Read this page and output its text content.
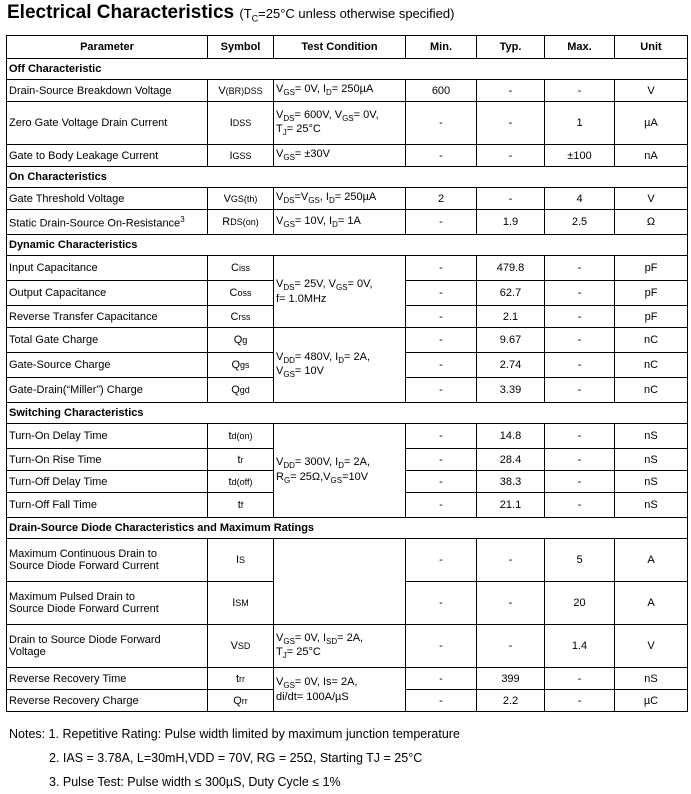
Electrical Characteristics ($T_C=25^\circ C$ unless otherwise specified)
Parameter	Symbol	Test Condition	Min.	Typ.	Max.	Unit
Off Characteristic						
Drain-Source Breakdown Voltage	V(BR)DSS	$V_{GS}= 0V$, $I_D= 250\mu A$	600	-	-	V
Zero Gate Voltage Drain Current	IDSS	$V_{DS}= 600V$, $V_{GS}= 0V$,
$T_J= 25^\circ C$	-	-	1	µA
Gate to Body Leakage Current	IGSS	$V_{GS}= \pm 30V$	-	-	±100	nA
On Characteristics						
Gate Threshold Voltage	VGS(th)	$V_{DS}=V_{GS}$, $I_D= 250\mu A$	2	-	4	V
Static Drain-Source On-Resistance$^3$	RDS(on)	$V_{GS}= 10V$, $I_D= 1A$	-	1.9	2.5	Ω
Dynamic Characteristics						
Input Capacitance	Ciss	$V_{DS}= 25V$, $V_{GS}= 0V$,
f= 1.0MHz	-	479.8	-	pF
Output Capacitance	Coss		-	62.7	-	pF
Reverse Transfer Capacitance	Crss		-	2.1	-	pF
Total Gate Charge	Qg	$V_{DD}= 480V$, $I_D= 2A$,
$V_{GS}= 10V$	-	9.67	-	nC
Gate-Source Charge	Qgs		-	2.74	-	nC
Gate-Drain(“Miller”) Charge	Qgd		-	3.39	-	nC
Switching Characteristics						
Turn-On Delay Time	td(on)	$V_{DD}= 300V$, $I_D= 2A$,
$R_G= 25\Omega,V_{GS}=10V$	-	14.8	-	nS
Turn-On Rise Time	tr		-	28.4	-	nS
Turn-Off Delay Time	td(off)		-	38.3	-	nS
Turn-Off Fall Time	tf		-	21.1	-	nS
Drain-Source Diode Characteristics and Maximum Ratings						
Maximum Continuous Drain to
Source Diode Forward Current	IS		-	-	5	A
Maximum Pulsed Drain to
Source Diode Forward Current	ISM		-	-	20	A
Drain to Source Diode Forward
Voltage	VSD	$V_{GS}= 0V$, $I_{SD}= 2A$,
$T_J= 25^\circ C$	-	-	1.4	V
Reverse Recovery Time	trr	$V_{GS}= 0V$, Is= 2A,
di/dt= 100A/µS	-	399	-	nS
Reverse Recovery Charge	Qrr		-	2.2	-	µC
Notes: 1. Repetitive Rating: Pulse width limited by maximum junction temperature
2. IAS = 3.78A, L=30mH,VDD = 70V, RG = 25Ω, Starting TJ = 25°C
3. Pulse Test: Pulse width ≤ 300µS, Duty Cycle ≤ 1%
